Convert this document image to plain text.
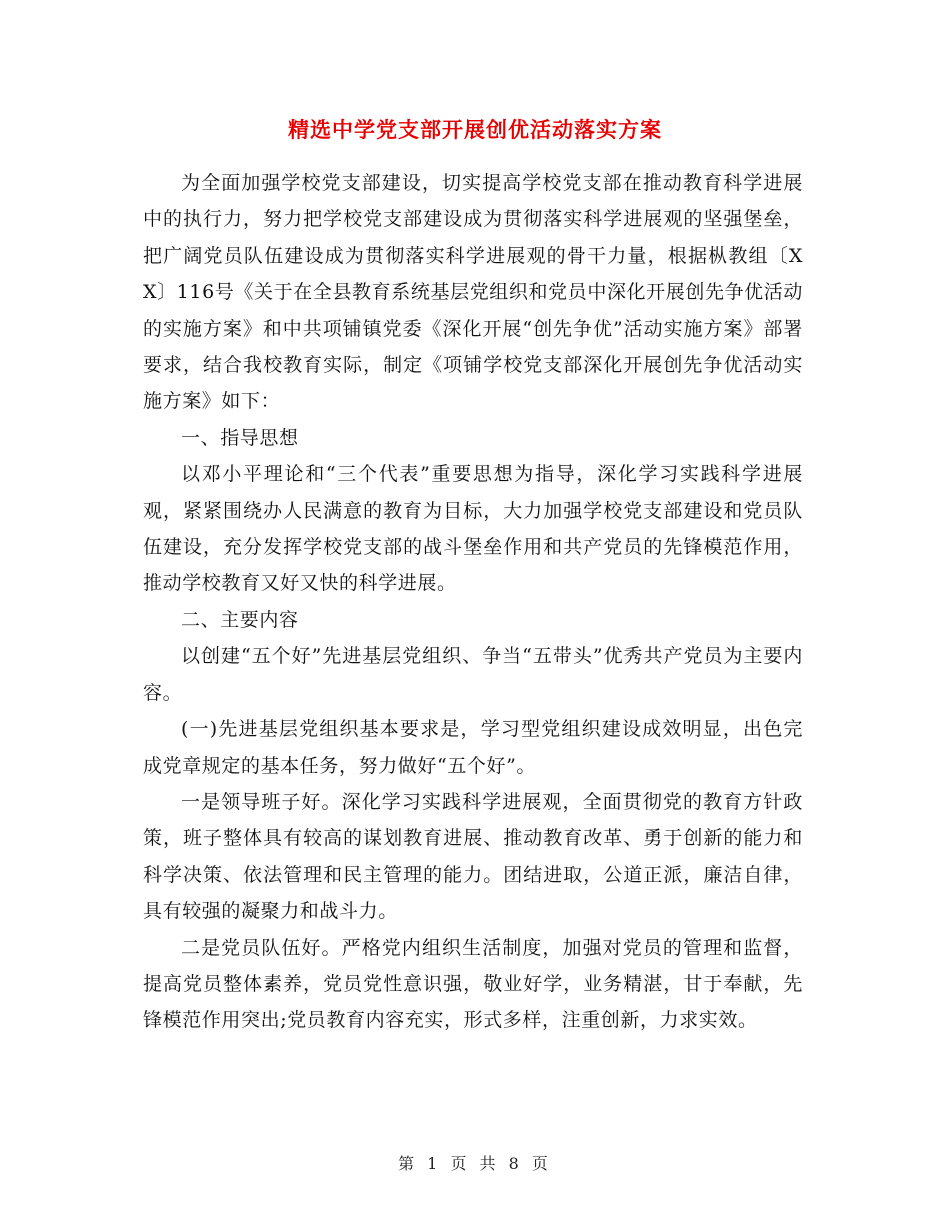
精选中学党支部开展创优活动落实方案

为全面加强学校党支部建设，切实提高学校党支部在推动教育科学进展中的执行力，努力把学校党支部建设成为贯彻落实科学进展观的坚强堡垒，把广阔党员队伍建设成为贯彻落实科学进展观的骨干力量，根据枞教组〔XX〕116号《关于在全县教育系统基层党组织和党员中深化开展创先争优活动的实施方案》和中共项铺镇党委《深化开展“创先争优”活动实施方案》部署要求，结合我校教育实际，制定《项铺学校党支部深化开展创先争优活动实施方案》如下：

一、指导思想

以邓小平理论和“三个代表”重要思想为指导，深化学习实践科学进展观，紧紧围绕办人民满意的教育为目标，大力加强学校党支部建设和党员队伍建设，充分发挥学校党支部的战斗堡垒作用和共产党员的先锋模范作用，推动学校教育又好又快的科学进展。

二、主要内容

以创建“五个好”先进基层党组织、争当“五带头”优秀共产党员为主要内容。

(一)先进基层党组织基本要求是，学习型党组织建设成效明显，出色完成党章规定的基本任务，努力做好“五个好”。

一是领导班子好。深化学习实践科学进展观，全面贯彻党的教育方针政策，班子整体具有较高的谋划教育进展、推动教育改革、勇于创新的能力和科学决策、依法管理和民主管理的能力。团结进取，公道正派，廉洁自律，具有较强的凝聚力和战斗力。

二是党员队伍好。严格党内组织生活制度，加强对党员的管理和监督，提高党员整体素养，党员党性意识强，敬业好学，业务精湛，甘于奉献，先锋模范作用突出;党员教育内容充实，形式多样，注重创新，力求实效。

第 1 页 共 8 页
